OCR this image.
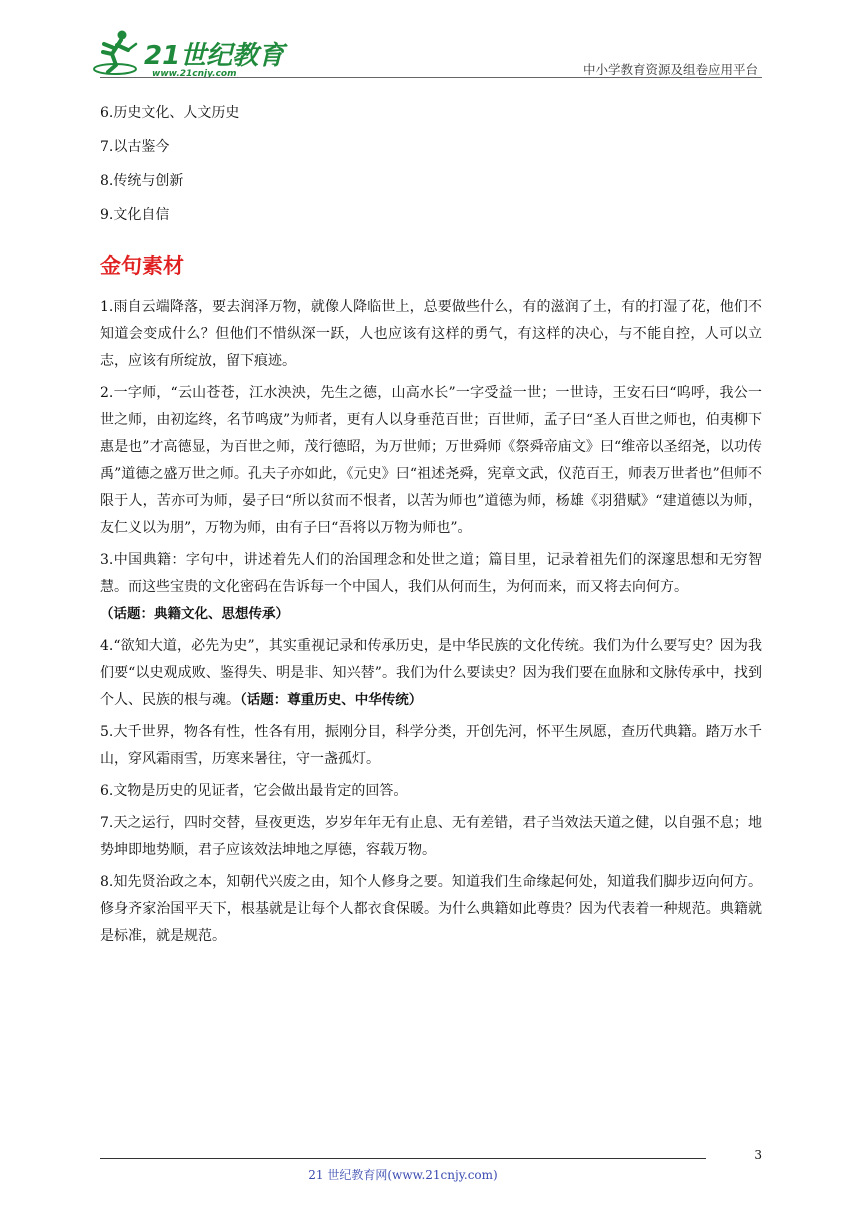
21世纪教育
www.21cnjy.com	中小学教育资源及组卷应用平台
6.历史文化、人文历史
7.以古鉴今
8.传统与创新
9.文化自信
金句素材

1.雨自云端降落，要去润泽万物，就像人降临世上，总要做些什么，有的滋润了土，有的打湿了花，他们不知道会变成什么？但他们不惜纵深一跃，人也应该有这样的勇气，有这样的决心，与不能自控，人可以立志，应该有所绽放，留下痕迹。

2.一字师，“云山苍苍，江水泱泱，先生之德，山高水长”一字受益一世；一世诗，王安石曰“呜呼，我公一世之师，由初迄终，名节鸣宬”为师者，更有人以身垂范百世；百世师，孟子曰“圣人百世之师也，伯夷柳下惠是也”才高德显，为百世之师，茂行德昭，为万世师；万世舜师《祭舜帝庙文》曰“维帝以圣绍尧，以功传禹”道德之盛万世之师。孔夫子亦如此，《元史》曰“祖述尧舜，宪章文武，仪范百王，师表万世者也”但师不限于人，苦亦可为师，晏子曰“所以贫而不恨者，以苦为师也”道德为师，杨雄《羽猎赋》“建道德以为师，友仁义以为朋”，万物为师，由有子曰“吾将以万物为师也”。

3.中国典籍：字句中，讲述着先人们的治国理念和处世之道；篇目里，记录着祖先们的深邃思想和无穷智慧。而这些宝贵的文化密码在告诉每一个中国人，我们从何而生，为何而来，而又将去向何方。
（话题：典籍文化、思想传承）

4.“欲知大道，必先为史”，其实重视记录和传承历史，是中华民族的文化传统。我们为什么要写史？因为我们要“以史观成败、鉴得失、明是非、知兴替”。我们为什么要读史？因为我们要在血脉和文脉传承中，找到个人、民族的根与魂。（话题：尊重历史、中华传统）

5.大千世界，物各有性，性各有用，振刚分目，科学分类，开创先河，怀平生夙愿，查历代典籍。踏万水千山，穿风霜雨雪，历寒来暑往，守一盏孤灯。

6.文物是历史的见证者，它会做出最肯定的回答。

7.天之运行，四时交替，昼夜更迭，岁岁年年无有止息、无有差错，君子当效法天道之健，以自强不息；地势坤即地势顺，君子应该效法坤地之厚德，容载万物。

8.知先贤治政之本，知朝代兴废之由，知个人修身之要。知道我们生命缘起何处，知道我们脚步迈向何方。修身齐家治国平天下，根基就是让每个人都衣食保暖。为什么典籍如此尊贵？因为代表着一种规范。典籍就是标准，就是规范。

3
21 世纪教育网(www.21cnjy.com)
